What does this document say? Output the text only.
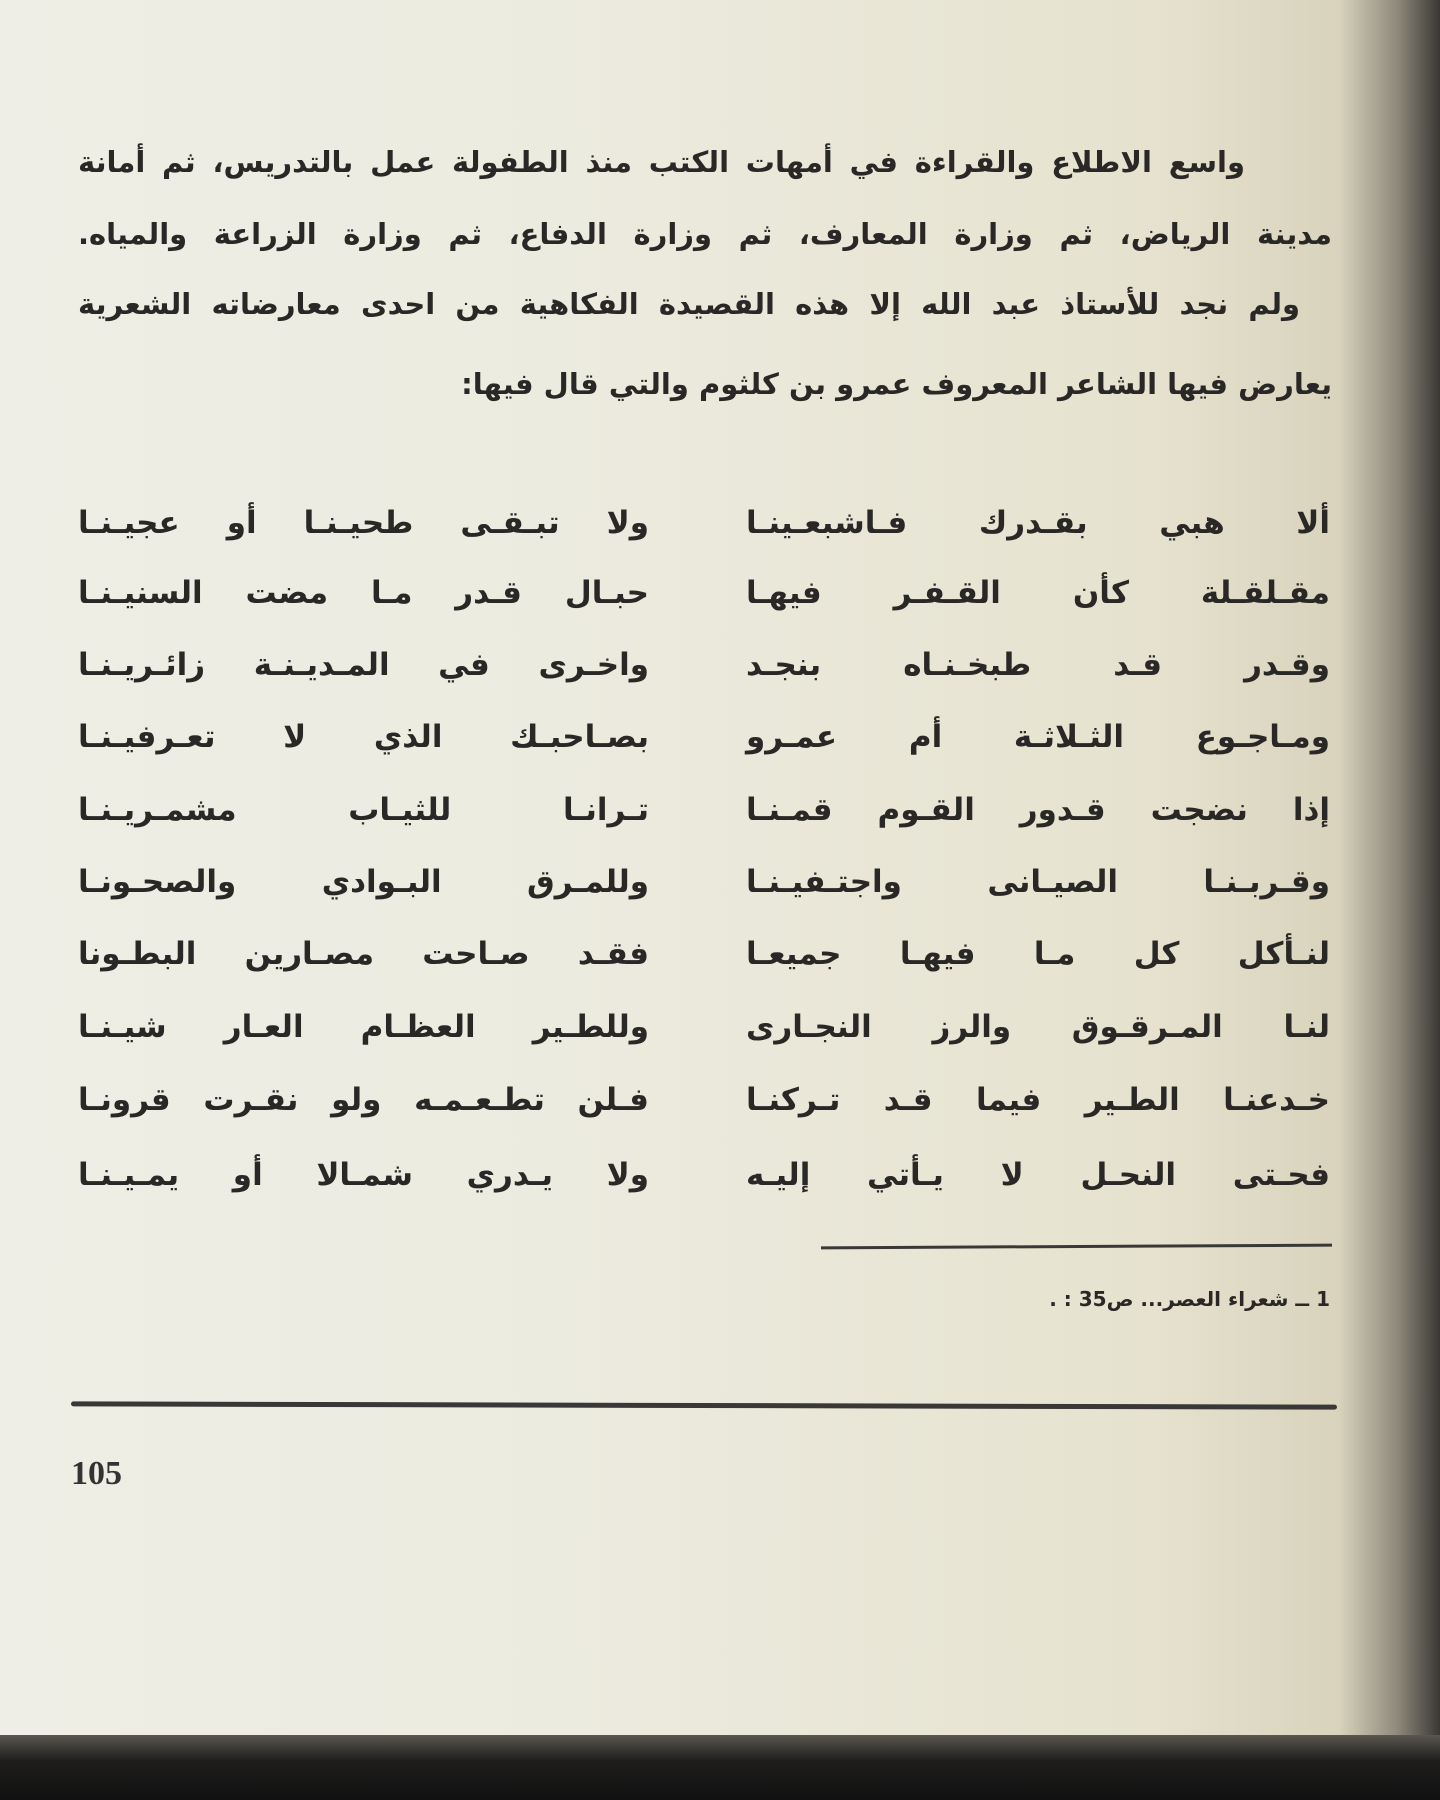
واسع الاطلاع والقراءة في أمهات الكتب منذ الطفولة عمل بالتدريس، ثم أمانة
مدينة الرياض، ثم وزارة المعارف، ثم وزارة الدفاع، ثم وزارة الزراعة والمياه.
ولم نجد للأستاذ عبد الله إلا هذه القصيدة الفكاهية من احدى معارضاته الشعرية
يعارض فيها الشاعر المعروف عمرو بن كلثوم والتي قال فيها:
ألا هبي بقـدرك فـاشبعـينـا
ولا تبـقـى طحيـنـا أو عجيـنـا
مقـلقـلة كأن القـفـر فيهـا
حبـال قـدر مـا مضت السنيـنـا
وقـدر قـد طبخـنـاه بنجـد
واخـرى في المـديـنـة زائـريـنـا
ومـاجـوع الثـلاثـة أم عمـرو
بصـاحبـك الذي لا تعـرفيـنـا
إذا نضجت قـدور القـوم قمـنـا
تـرانـا للثيـاب مشمـريـنـا
وقـربـنـا الصيـانى واجتـفيـنـا
وللمـرق البـوادي والصحـونـا
لنـأكل كل مـا فيهـا جميعـا
فقـد صـاحت مصـارين البطـونا
لنـا المـرقـوق والرز النجـارى
وللطـير العظـام العـار شيـنـا
خـدعنـا الطـير فيما قـد تـركنـا
فـلن تطـعـمـه ولو نقـرت قرونـا
فحـتى النحـل لا يـأتي إليـه
ولا يـدري شمـالا أو يمـيـنـا
1 ــ شعراء العصر... ص35 : .
105
